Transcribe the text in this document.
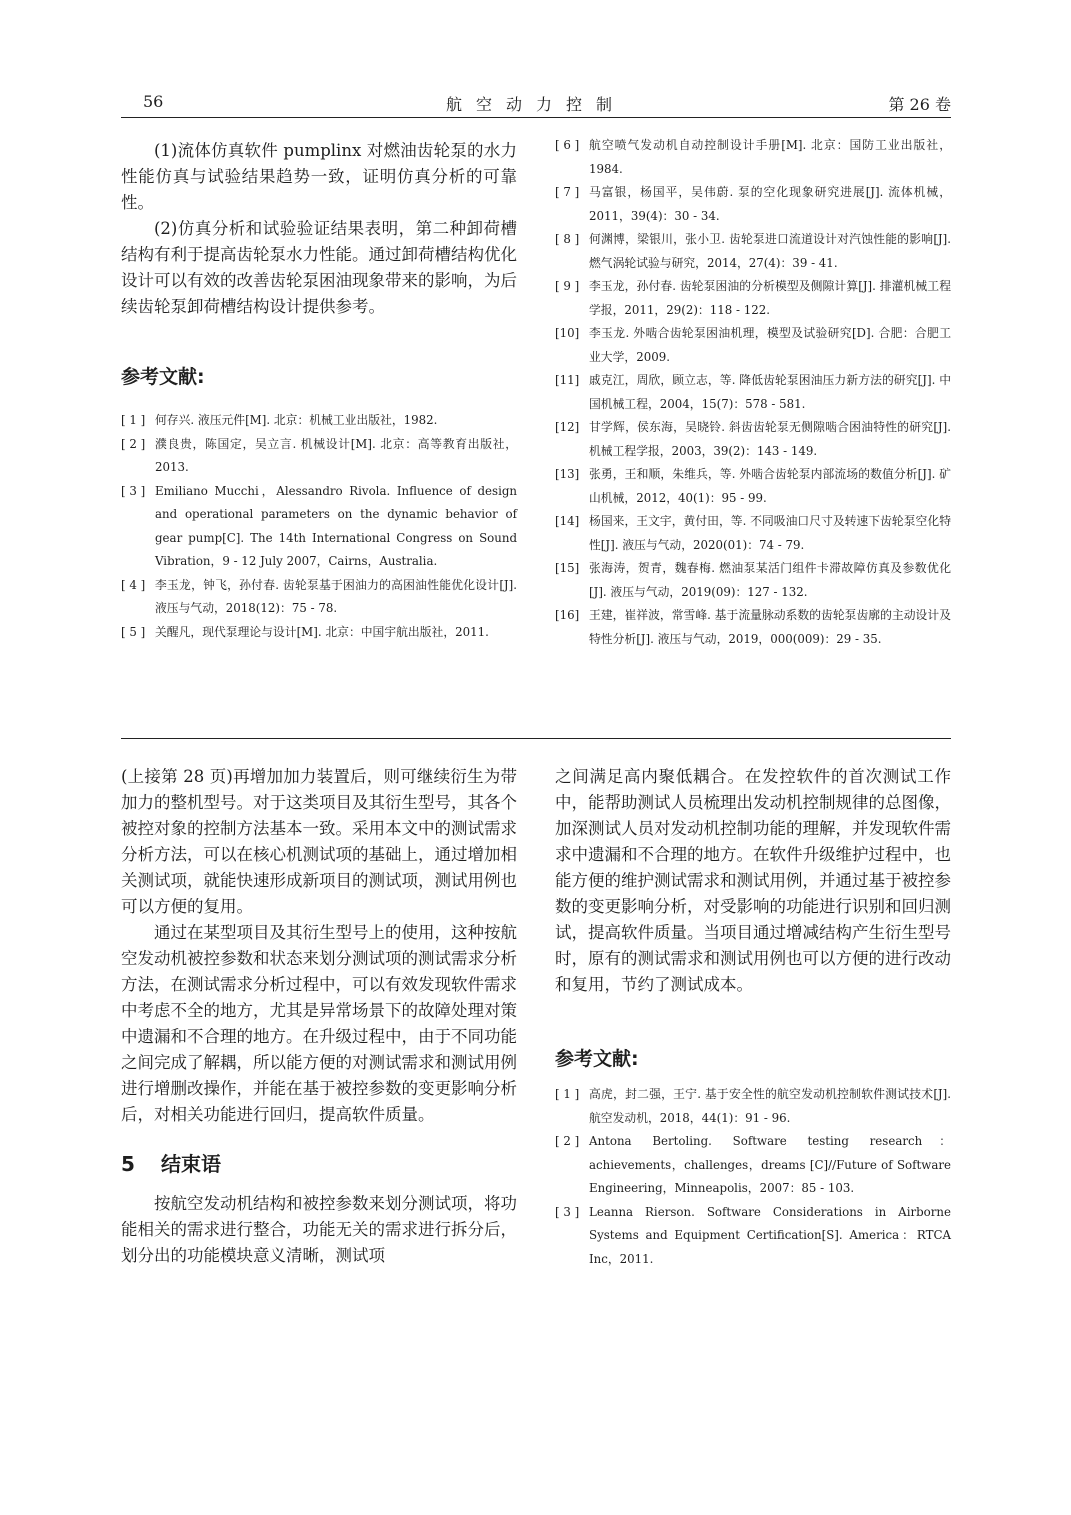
56	航空动力控制	第 26 卷

(1)流体仿真软件 pumplinx 对燃油齿轮泵的水力性能仿真与试验结果趋势一致，证明仿真分析的可靠性。

(2)仿真分析和试验验证结果表明，第二种卸荷槽结构有利于提高齿轮泵水力性能。通过卸荷槽结构优化设计可以有效的改善齿轮泵困油现象带来的影响，为后续齿轮泵卸荷槽结构设计提供参考。

参考文献:
[ 1 ] 何存兴. 液压元件[M]. 北京：机械工业出版社，1982.
[ 2 ] 濮良贵，陈国定，吴立言. 机械设计[M]. 北京：高等教育出版社，2013.
[ 3 ] Emiliano Mucchi，Alessandro Rivola. Influence of design and operational parameters on the dynamic behavior of gear pump[C]. The 14th International Congress on Sound Vibration，9 - 12 July 2007，Cairns，Australia.
[ 4 ] 李玉龙，钟飞，孙付春. 齿轮泵基于困油力的高困油性能优化设计[J]. 液压与气动，2018(12)：75 - 78.
[ 5 ] 关醒凡，现代泵理论与设计[M]. 北京：中国宇航出版社，2011.
[ 6 ] 航空喷气发动机自动控制设计手册[M]. 北京：国防工业出版社，1984.
[ 7 ] 马富银，杨国平，吴伟蔚. 泵的空化现象研究进展[J]. 流体机械，2011，39(4)：30 - 34.
[ 8 ] 何渊博，梁银川，张小卫. 齿轮泵进口流道设计对汽蚀性能的影响[J]. 燃气涡轮试验与研究，2014，27(4)：39 - 41.
[ 9 ] 李玉龙，孙付春. 齿轮泵困油的分析模型及侧隙计算[J]. 排灌机械工程学报，2011，29(2)：118 - 122.
[10] 李玉龙. 外啮合齿轮泵困油机理，模型及试验研究[D]. 合肥：合肥工业大学，2009.
[11] 戚克江，周欣，顾立志，等. 降低齿轮泵困油压力新方法的研究[J]. 中国机械工程，2004，15(7)：578 - 581.
[12] 甘学辉，侯东海，吴晓铃. 斜齿齿轮泵无侧隙啮合困油特性的研究[J]. 机械工程学报，2003，39(2)：143 - 149.
[13] 张勇，王和顺，朱维兵，等. 外啮合齿轮泵内部流场的数值分析[J]. 矿山机械，2012，40(1)：95 - 99.
[14] 杨国来，王文宇，黄付田，等. 不同吸油口尺寸及转速下齿轮泵空化特性[J]. 液压与气动，2020(01)：74 - 79.
[15] 张海涛，贺青，魏春梅. 燃油泵某活门组件卡滞故障仿真及参数优化[J]. 液压与气动，2019(09)：127 - 132.
[16] 王建，崔祥波，常雪峰. 基于流量脉动系数的齿轮泵齿廓的主动设计及特性分析[J]. 液压与气动，2019，000(009)：29 - 35.

(上接第 28 页)再增加加力装置后，则可继续衍生为带加力的整机型号。对于这类项目及其衍生型号，其各个被控对象的控制方法基本一致。采用本文中的测试需求分析方法，可以在核心机测试项的基础上，通过增加相关测试项，就能快速形成新项目的测试项，测试用例也可以方便的复用。

通过在某型项目及其衍生型号上的使用，这种按航空发动机被控参数和状态来划分测试项的测试需求分析方法，在测试需求分析过程中，可以有效发现软件需求中考虑不全的地方，尤其是异常场景下的故障处理对策中遗漏和不合理的地方。在升级过程中，由于不同功能之间完成了解耦，所以能方便的对测试需求和测试用例进行增删改操作，并能在基于被控参数的变更影响分析后，对相关功能进行回归，提高软件质量。

5 结束语

按航空发动机结构和被控参数来划分测试项，将功能相关的需求进行整合，功能无关的需求进行拆分后，划分出的功能模块意义清晰，测试项

之间满足高内聚低耦合。在发控软件的首次测试工作中，能帮助测试人员梳理出发动机控制规律的总图像，加深测试人员对发动机控制功能的理解，并发现软件需求中遗漏和不合理的地方。在软件升级维护过程中，也能方便的维护测试需求和测试用例，并通过基于被控参数的变更影响分析，对受影响的功能进行识别和回归测试，提高软件质量。当项目通过增减结构产生衍生型号时，原有的测试需求和测试用例也可以方便的进行改动和复用，节约了测试成本。

参考文献:
[ 1 ] 高虎，封二强，王宁. 基于安全性的航空发动机控制软件测试技术[J]. 航空发动机，2018，44(1)：91 - 96.
[ 2 ] Antona Bertoling. Software testing research：achievements，challenges，dreams [C]//Future of Software Engineering，Minneapolis，2007：85 - 103.
[ 3 ] Leanna Rierson. Software Considerations in Airborne Systems and Equipment Certification[S]. America：RTCA Inc，2011.
